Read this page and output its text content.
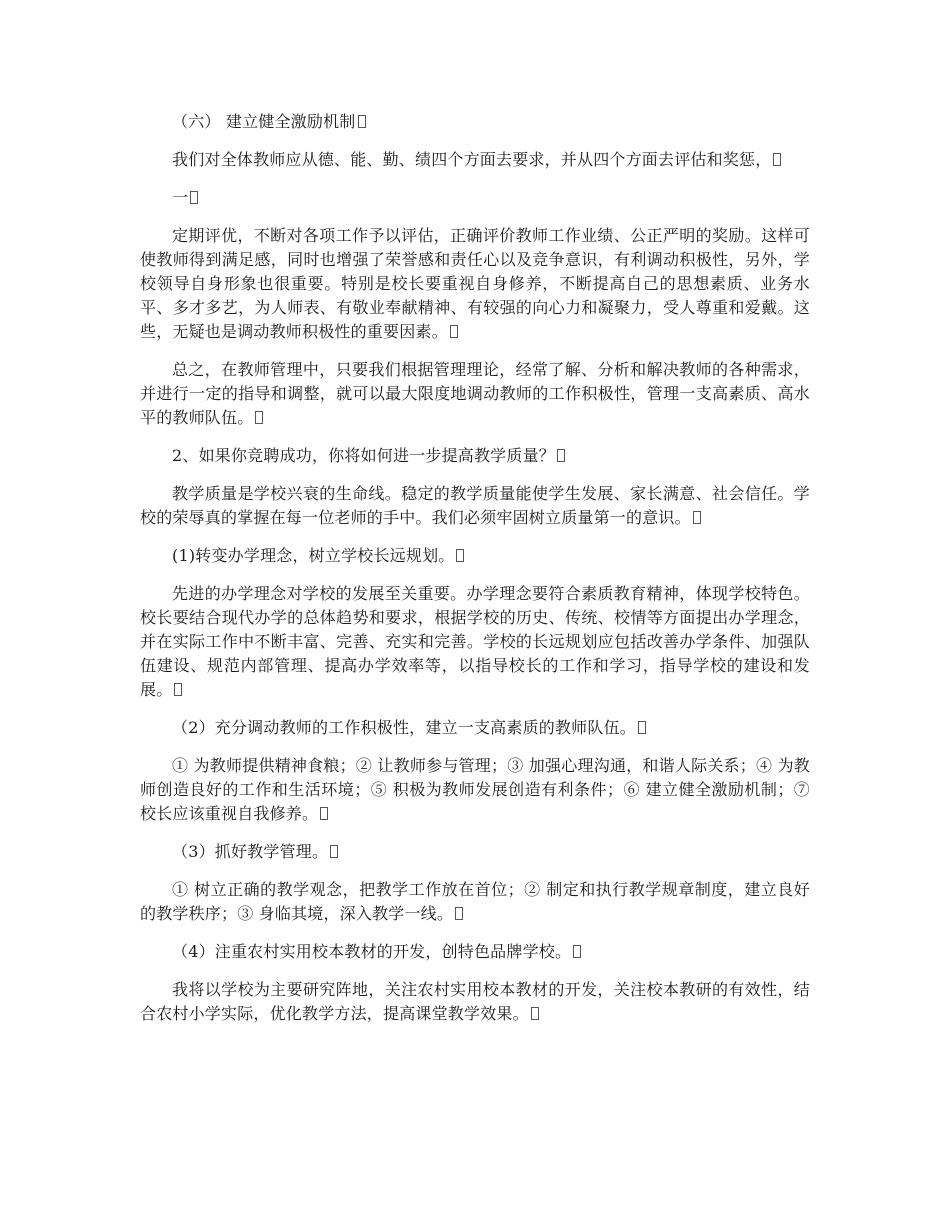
（六） 建立健全激励机制

我们对全体教师应从德、能、勤、绩四个方面去要求，并从四个方面去评估和奖惩，

一

定期评优，不断对各项工作予以评估，正确评价教师工作业绩、公正严明的奖励。这样可使教师得到满足感，同时也增强了荣誉感和责任心以及竞争意识，有利调动积极性，另外，学校领导自身形象也很重要。特别是校长要重视自身修养，不断提高自己的思想素质、业务水平、多才多艺，为人师表、有敬业奉献精神、有较强的向心力和凝聚力，受人尊重和爱戴。这些，无疑也是调动教师积极性的重要因素。

总之，在教师管理中，只要我们根据管理理论，经常了解、分析和解决教师的各种需求，并进行一定的指导和调整，就可以最大限度地调动教师的工作积极性，管理一支高素质、高水平的教师队伍。

2、如果你竞聘成功，你将如何进一步提高教学质量？

教学质量是学校兴衰的生命线。稳定的教学质量能使学生发展、家长满意、社会信任。学校的荣辱真的掌握在每一位老师的手中。我们必须牢固树立质量第一的意识。

(1)转变办学理念，树立学校长远规划。

先进的办学理念对学校的发展至关重要。办学理念要符合素质教育精神，体现学校特色。校长要结合现代办学的总体趋势和要求，根据学校的历史、传统、校情等方面提出办学理念，并在实际工作中不断丰富、完善、充实和完善。学校的长远规划应包括改善办学条件、加强队伍建设、规范内部管理、提高办学效率等，以指导校长的工作和学习，指导学校的建设和发展。

（2）充分调动教师的工作积极性，建立一支高素质的教师队伍。

① 为教师提供精神食粮；② 让教师参与管理；③ 加强心理沟通，和谐人际关系；④ 为教师创造良好的工作和生活环境；⑤ 积极为教师发展创造有利条件；⑥ 建立健全激励机制；⑦ 校长应该重视自我修养。

（3）抓好教学管理。

① 树立正确的教学观念，把教学工作放在首位；② 制定和执行教学规章制度，建立良好的教学秩序；③ 身临其境，深入教学一线。

（4）注重农村实用校本教材的开发，创特色品牌学校。

我将以学校为主要研究阵地，关注农村实用校本教材的开发，关注校本教研的有效性，结合农村小学实际，优化教学方法，提高课堂教学效果。
